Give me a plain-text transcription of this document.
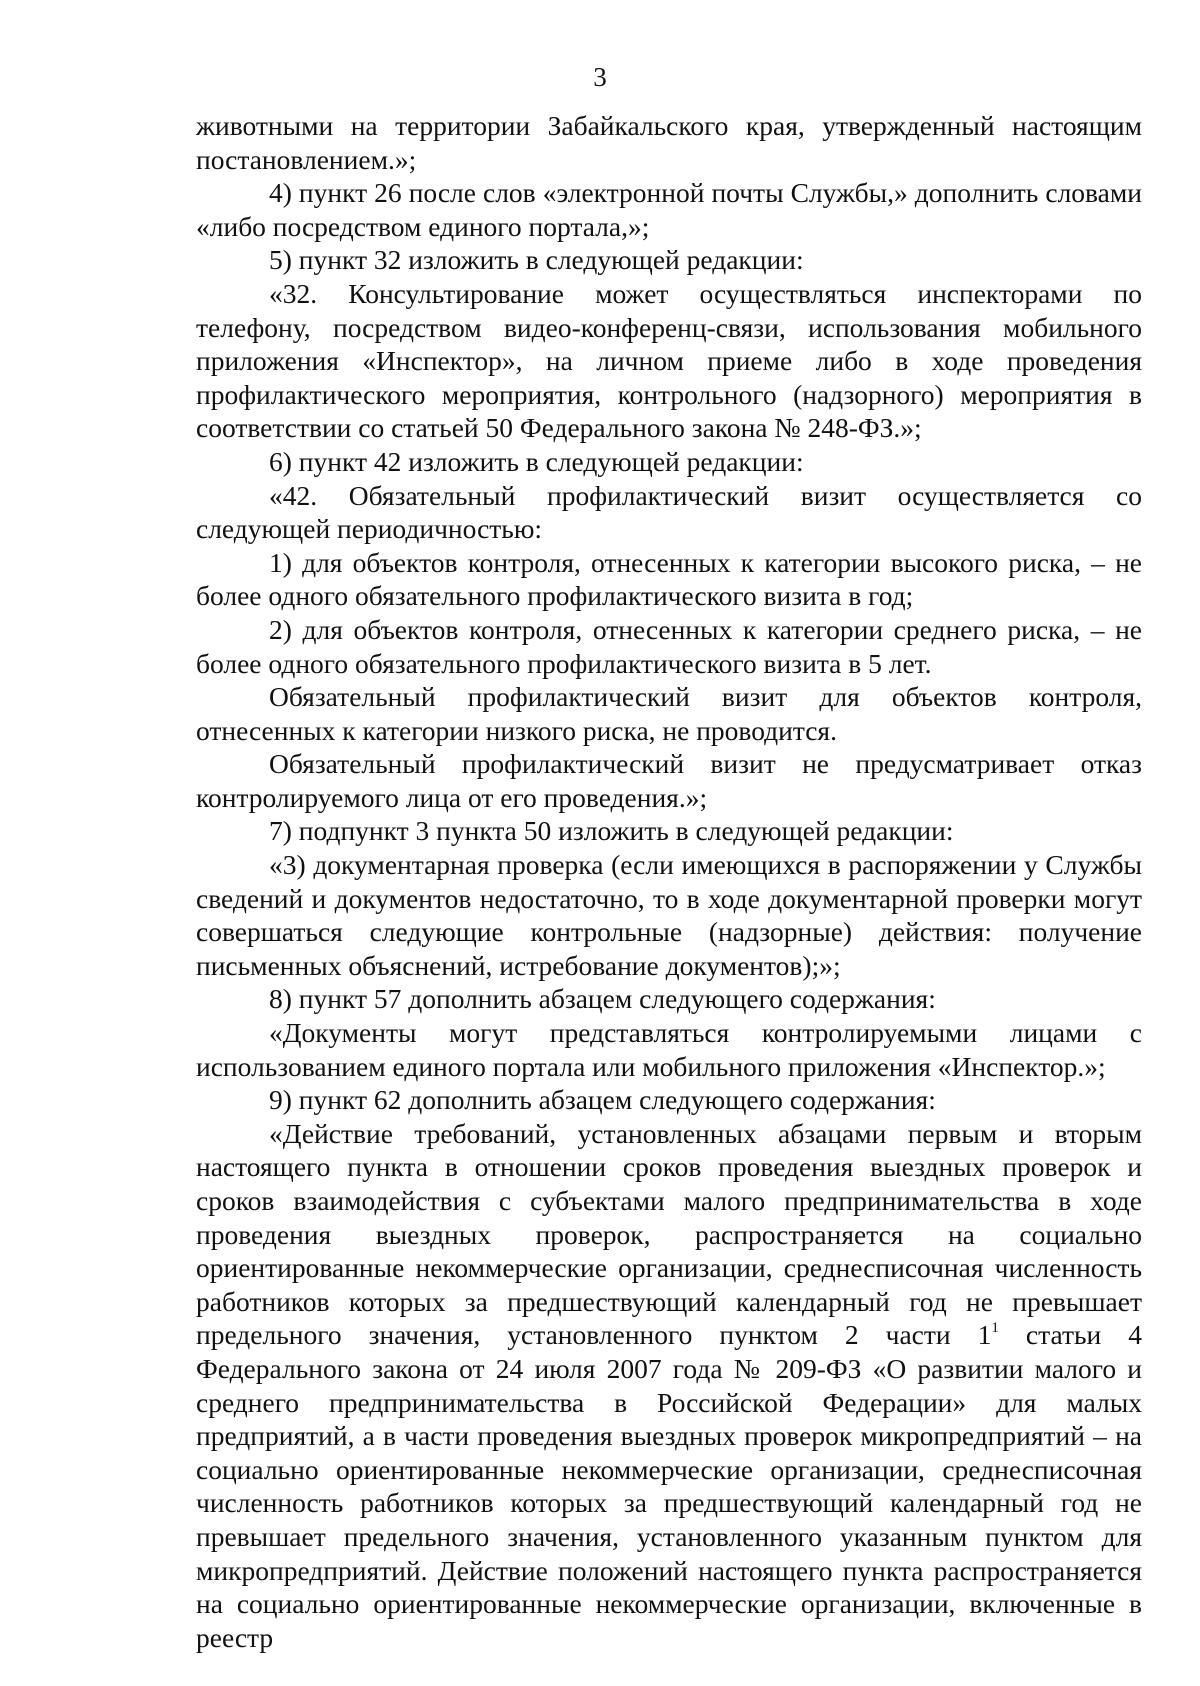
3

животными на территории Забайкальского края, утвержденный настоящим постановлением.»;

4) пункт 26 после слов «электронной почты Службы,» дополнить словами «либо посредством единого портала,»;

5) пункт 32 изложить в следующей редакции:

«32. Консультирование может осуществляться инспекторами по телефону, посредством видео-конференц-связи, использования мобильного приложения «Инспектор», на личном приеме либо в ходе проведения профилактического мероприятия, контрольного (надзорного) мероприятия в соответствии со статьей 50 Федерального закона № 248-ФЗ.»;

6) пункт 42 изложить в следующей редакции:

«42. Обязательный профилактический визит осуществляется со следующей периодичностью:

1) для объектов контроля, отнесенных к категории высокого риска, – не более одного обязательного профилактического визита в год;

2) для объектов контроля, отнесенных к категории среднего риска, – не более одного обязательного профилактического визита в 5 лет.

Обязательный профилактический визит для объектов контроля, отнесенных к категории низкого риска, не проводится.

Обязательный профилактический визит не предусматривает отказ контролируемого лица от его проведения.»;

7) подпункт 3 пункта 50 изложить в следующей редакции:

«3) документарная проверка (если имеющихся в распоряжении у Службы сведений и документов недостаточно, то в ходе документарной проверки могут совершаться следующие контрольные (надзорные) действия: получение письменных объяснений, истребование документов);»;

8) пункт 57 дополнить абзацем следующего содержания:

«Документы могут представляться контролируемыми лицами с использованием единого портала или мобильного приложения «Инспектор.»;

9) пункт 62 дополнить абзацем следующего содержания:

«Действие требований, установленных абзацами первым и вторым настоящего пункта в отношении сроков проведения выездных проверок и сроков взаимодействия с субъектами малого предпринимательства в ходе проведения выездных проверок, распространяется на социально ориентированные некоммерческие организации, среднесписочная численность работников которых за предшествующий календарный год не превышает предельного значения, установленного пунктом 2 части $1^1$ статьи 4 Федерального закона от 24 июля 2007 года № 209-ФЗ «О развитии малого и среднего предпринимательства в Российской Федерации» для малых предприятий, а в части проведения выездных проверок микропредприятий – на социально ориентированные некоммерческие организации, среднесписочная численность работников которых за предшествующий календарный год не превышает предельного значения, установленного указанным пунктом для микропредприятий. Действие положений настоящего пункта распространяется на социально ориентированные некоммерческие организации, включенные в реестр
